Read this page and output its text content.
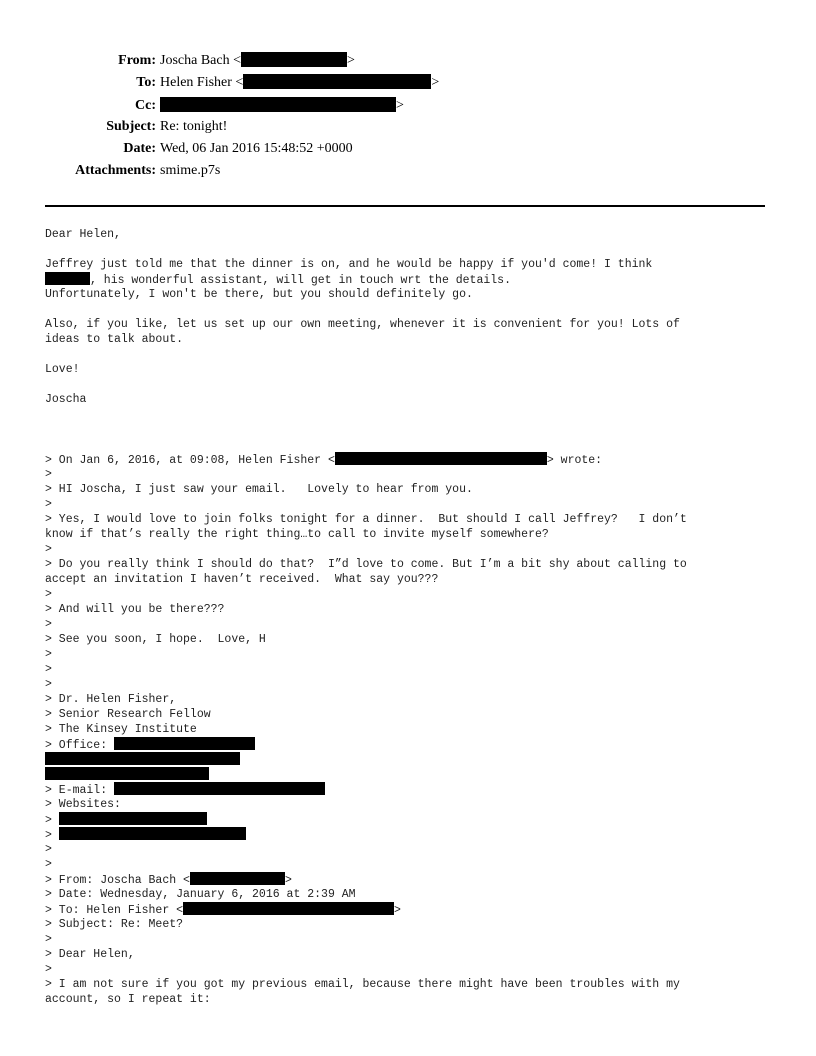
From: Joscha Bach <	>
To: Helen Fisher <	>
Cc:	>
Subject: Re: tonight!
Date: Wed, 06 Jan 2016 15:48:52 +0000
Attachments: smime.p7s
Dear Helen,
Jeffrey just told me that the dinner is on, and he would be happy if you'd come! I think
, his wonderful assistant, will get in touch wrt the details.
Unfortunately, I won't be there, but you should definitely go.
Also, if you like, let us set up our own meeting, whenever it is convenient for you! Lots of
ideas to talk about.
Love!
Joscha
> On Jan 6, 2016, at 09:08, Helen Fisher <	> wrote:
>
> HI Joscha, I just saw your email.   Lovely to hear from you.
>
> Yes, I would love to join folks tonight for a dinner.  But should I call Jeffrey?   I don’t
know if that’s really the right thing…to call to invite myself somewhere?
>
> Do you really think I should do that?  I”d love to come. But I’m a bit shy about calling to
accept an invitation I haven’t received.  What say you???
>
> And will you be there???
>
> See you soon, I hope.  Love, H
>
>
>
> Dr. Helen Fisher,
> Senior Research Fellow
> The Kinsey Institute
> Office:
> E-mail:
> Websites:
>
>
>
>
> From: Joscha Bach <	>
> Date: Wednesday, January 6, 2016 at 2:39 AM
> To: Helen Fisher <	>
> Subject: Re: Meet?
>
> Dear Helen,
>
> I am not sure if you got my previous email, because there might have been troubles with my
account, so I repeat it:
